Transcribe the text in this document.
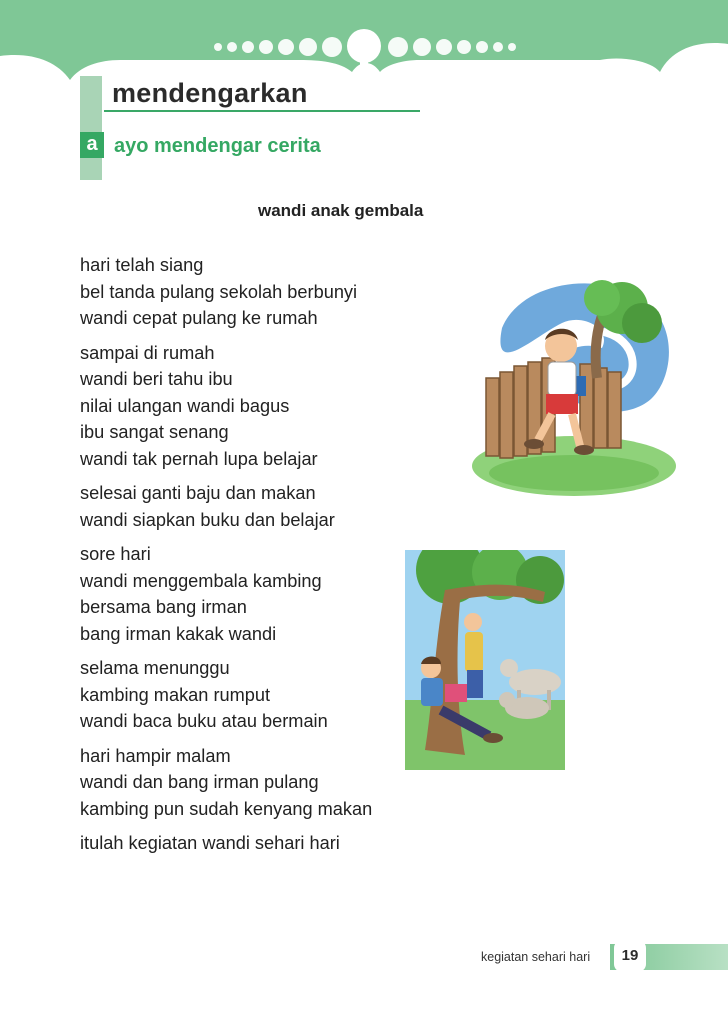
mendengarkan
a ayo mendengar cerita
wandi anak gembala
hari telah siang
bel tanda pulang sekolah berbunyi
wandi cepat pulang ke rumah
sampai di rumah
wandi beri tahu ibu
nilai ulangan wandi bagus
ibu sangat senang
wandi tak pernah lupa belajar
selesai ganti baju dan makan
wandi siapkan buku dan belajar
sore hari
wandi menggembala kambing
bersama bang irman
bang irman kakak wandi
selama menunggu
kambing makan rumput
wandi baca buku atau bermain
hari hampir malam
wandi dan bang irman pulang
kambing pun sudah kenyang makan
itulah kegiatan wandi sehari hari
kegiatan sehari hari	19
